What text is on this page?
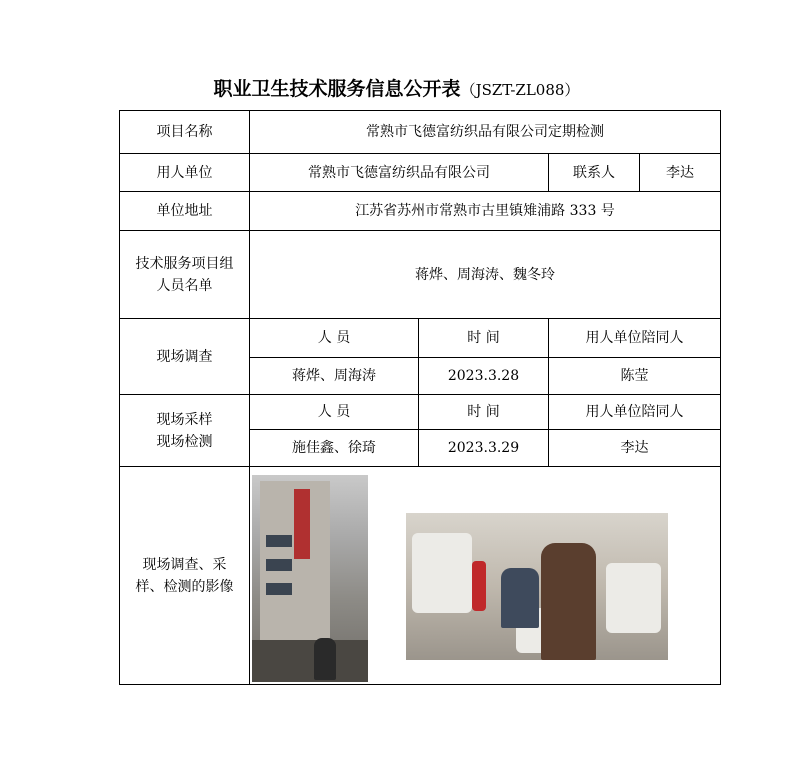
职业卫生技术服务信息公开表（JSZT-ZL088）
项目名称	常熟市飞德富纺织品有限公司定期检测			
用人单位	常熟市飞德富纺织品有限公司		联系人	李达
单位地址	江苏省苏州市常熟市古里镇雉浦路 333 号			
技术服务项目组人员名单	蒋烨、周海涛、魏冬玲			
现场调查	人 员	时 间	用人单位陪同人	
	蒋烨、周海涛	2023.3.28	陈莹	
现场采样现场检测	人 员	时 间	用人单位陪同人	
	施佳鑫、徐琦	2023.3.29	李达	
现场调查、采样、检测的影像				
